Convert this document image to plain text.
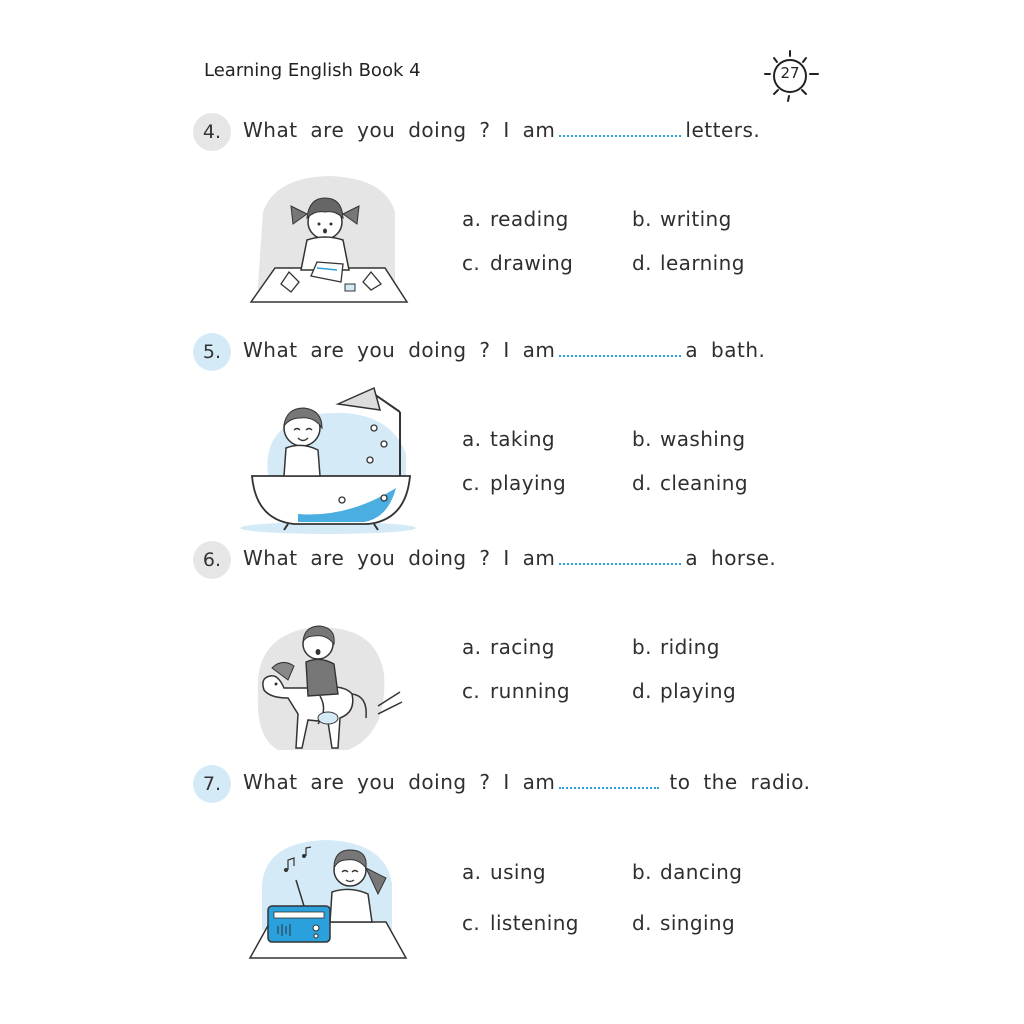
Learning English Book 4	27
4.	What are you doing ? I am	letters.
a. reading	b. writing
c. drawing	d. learning
5.	What are you doing ? I am	a bath.
a. taking	b. washing
c. playing	d. cleaning
6.	What are you doing ? I am	a horse.
a. racing	b. riding
c. running	d. playing
7.	What are you doing ? I am	to the radio.
a. using	b. dancing
c. listening	d. singing
